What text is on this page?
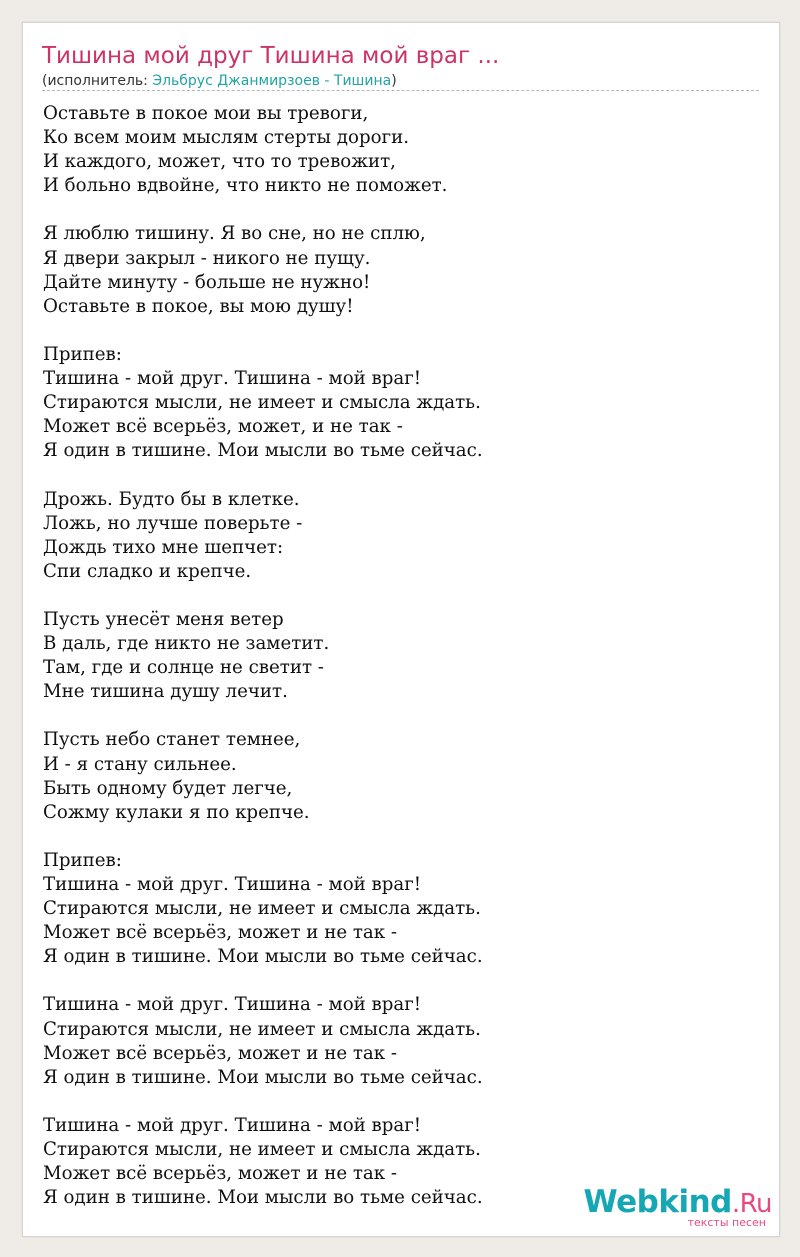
Тишина мой друг Тишина мой враг ...
(исполнитель: Эльбрус Джанмирзоев - Тишина)
Оставьте в покое мои вы тревоги,
Ко всем моим мыслям стерты дороги.
И каждого, может, что то тревожит,
И больно вдвойне, что никто не поможет.

Я люблю тишину. Я во сне, но не сплю,
Я двери закрыл - никого не пущу.
Дайте минуту - больше не нужно!
Оставьте в покое, вы мою душу!

Припев:
Тишина - мой друг. Тишина - мой враг!
Стираются мысли, не имеет и смысла ждать.
Может всё всерьёз, может, и не так -
Я один в тишине. Мои мысли во тьме сейчас.

Дрожь. Будто бы в клетке.
Ложь, но лучше поверьте -
Дождь тихо мне шепчет:
Спи сладко и крепче.

Пусть унесёт меня ветер
В даль, где никто не заметит.
Там, где и солнце не светит -
Мне тишина душу лечит.

Пусть небо станет темнее,
И - я стану сильнее.
Быть одному будет легче,
Сожму кулаки я по крепче.

Припев:
Тишина - мой друг. Тишина - мой враг!
Стираются мысли, не имеет и смысла ждать.
Может всё всерьёз, может и не так -
Я один в тишине. Мои мысли во тьме сейчас.

Тишина - мой друг. Тишина - мой враг!
Стираются мысли, не имеет и смысла ждать.
Может всё всерьёз, может и не так -
Я один в тишине. Мои мысли во тьме сейчас.

Тишина - мой друг. Тишина - мой враг!
Стираются мысли, не имеет и смысла ждать.
Может всё всерьёз, может и не так -
Я один в тишине. Мои мысли во тьме сейчас.	Webkind.Ru
тексты песен
